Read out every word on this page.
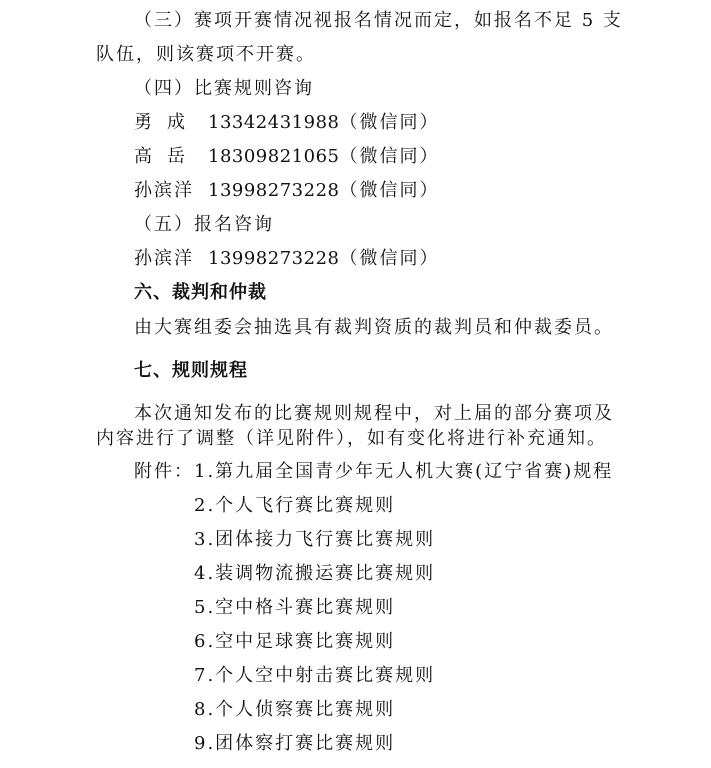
（三）赛项开赛情况视报名情况而定，如报名不足 5 支
队伍，则该赛项不开赛。
（四）比赛规则咨询
勇成 13342431988（微信同）
高岳 18309821065（微信同）
孙滨洋 13998273228（微信同）
（五）报名咨询
孙滨洋 13998273228（微信同）
六、裁判和仲裁
由大赛组委会抽选具有裁判资质的裁判员和仲裁委员。
七、规则规程
本次通知发布的比赛规则规程中，对上届的部分赛项及
内容进行了调整（详见附件），如有变化将进行补充通知。
附件： 1.第九届全国青少年无人机大赛(辽宁省赛)规程
2.个人飞行赛比赛规则
3.团体接力飞行赛比赛规则
4.装调物流搬运赛比赛规则
5.空中格斗赛比赛规则
6.空中足球赛比赛规则
7.个人空中射击赛比赛规则
8.个人侦察赛比赛规则
9.团体察打赛比赛规则
